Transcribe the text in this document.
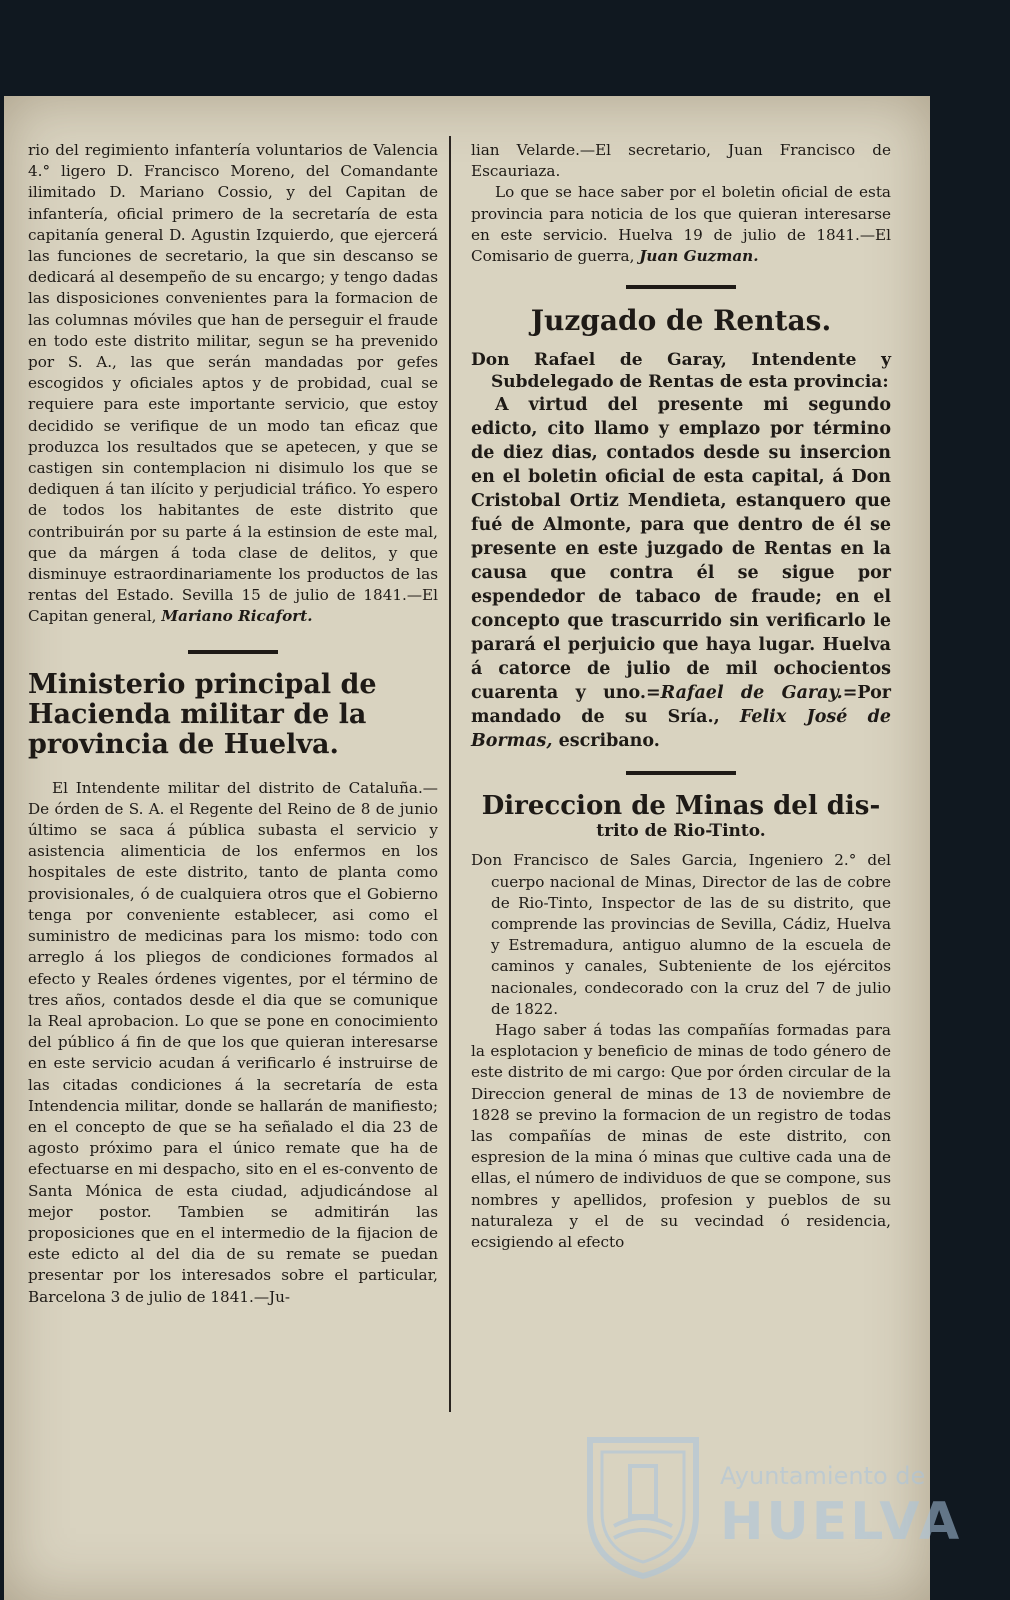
rio del regimiento infantería voluntarios de Valencia 4.° ligero D. Francisco Moreno, del Comandante ilimitado D. Mariano Cossio, y del Capitan de infantería, oficial primero de la secretaría de esta capitanía general D. Agustin Izquierdo, que ejercerá las funciones de secretario, la que sin descanso se dedicará al desempeño de su encargo; y tengo dadas las disposiciones convenientes para la formacion de las columnas móviles que han de perseguir el fraude en todo este distrito militar, segun se ha prevenido por S. A., las que serán mandadas por gefes escogidos y oficiales aptos y de probidad, cual se requiere para este importante servicio, que estoy decidido se verifique de un modo tan eficaz que produzca los resultados que se apetecen, y que se castigen sin contemplacion ni disimulo los que se dediquen á tan ilícito y perjudicial tráfico. Yo espero de todos los habitantes de este distrito que contribuirán por su parte á la estinsion de este mal, que da márgen á toda clase de delitos, y que disminuye estraordinariamente los productos de las rentas del Estado. Sevilla 15 de julio de 1841.—El Capitan general, Mariano Ricafort.

Ministerio principal de Hacienda militar de la provincia de Huelva.

El Intendente militar del distrito de Cataluña.—De órden de S. A. el Regente del Reino de 8 de junio último se saca á pública subasta el servicio y asistencia alimenticia de los enfermos en los hospitales de este distrito, tanto de planta como provisionales, ó de cualquiera otros que el Gobierno tenga por conveniente establecer, asi como el suministro de medicinas para los mismo: todo con arreglo á los pliegos de condiciones formados al efecto y Reales órdenes vigentes, por el término de tres años, contados desde el dia que se comunique la Real aprobacion. Lo que se pone en conocimiento del público á fin de que los que quieran interesarse en este servicio acudan á verificarlo é instruirse de las citadas condiciones á la secretaría de esta Intendencia militar, donde se hallarán de manifiesto; en el concepto de que se ha señalado el dia 23 de agosto próximo para el único remate que ha de efectuarse en mi despacho, sito en el es-convento de Santa Mónica de esta ciudad, adjudicándose al mejor postor. Tambien se admitirán las proposiciones que en el intermedio de la fijacion de este edicto al del dia de su remate se puedan presentar por los interesados sobre el particular, Barcelona 3 de julio de 1841.—Ju-

lian Velarde.—El secretario, Juan Francisco de Escauriaza.

Lo que se hace saber por el boletin oficial de esta provincia para noticia de los que quieran interesarse en este servicio. Huelva 19 de julio de 1841.—El Comisario de guerra, Juan Guzman.

Juzgado de Rentas.

Don Rafael de Garay, Intendente y Subdelegado de Rentas de esta provincia:

A virtud del presente mi segundo edicto, cito llamo y emplazo por término de diez dias, contados desde su insercion en el boletin oficial de esta capital, á Don Cristobal Ortiz Mendieta, estanquero que fué de Almonte, para que dentro de él se presente en este juzgado de Rentas en la causa que contra él se sigue por espendedor de tabaco de fraude; en el concepto que trascurrido sin verificarlo le parará el perjuicio que haya lugar. Huelva á catorce de julio de mil ochocientos cuarenta y uno.=Rafael de Garay.=Por mandado de su Sría., Felix José de Bormas, escribano.

Direccion de Minas del dis-

trito de Rio-Tinto.

Don Francisco de Sales Garcia, Ingeniero 2.° del cuerpo nacional de Minas, Director de las de cobre de Rio-Tinto, Inspector de las de su distrito, que comprende las provincias de Sevilla, Cádiz, Huelva y Estremadura, antiguo alumno de la escuela de caminos y canales, Subteniente de los ejércitos nacionales, condecorado con la cruz del 7 de julio de 1822.

Hago saber á todas las compañías formadas para la esplotacion y beneficio de minas de todo género de este distrito de mi cargo: Que por órden circular de la Direccion general de minas de 13 de noviembre de 1828 se previno la formacion de un registro de todas las compañías de minas de este distrito, con espresion de la mina ó minas que cultive cada una de ellas, el número de individuos de que se compone, sus nombres y apellidos, profesion y pueblos de su naturaleza y el de su vecindad ó residencia, ecsigiendo al efecto

Ayuntamiento de
HUELVA
